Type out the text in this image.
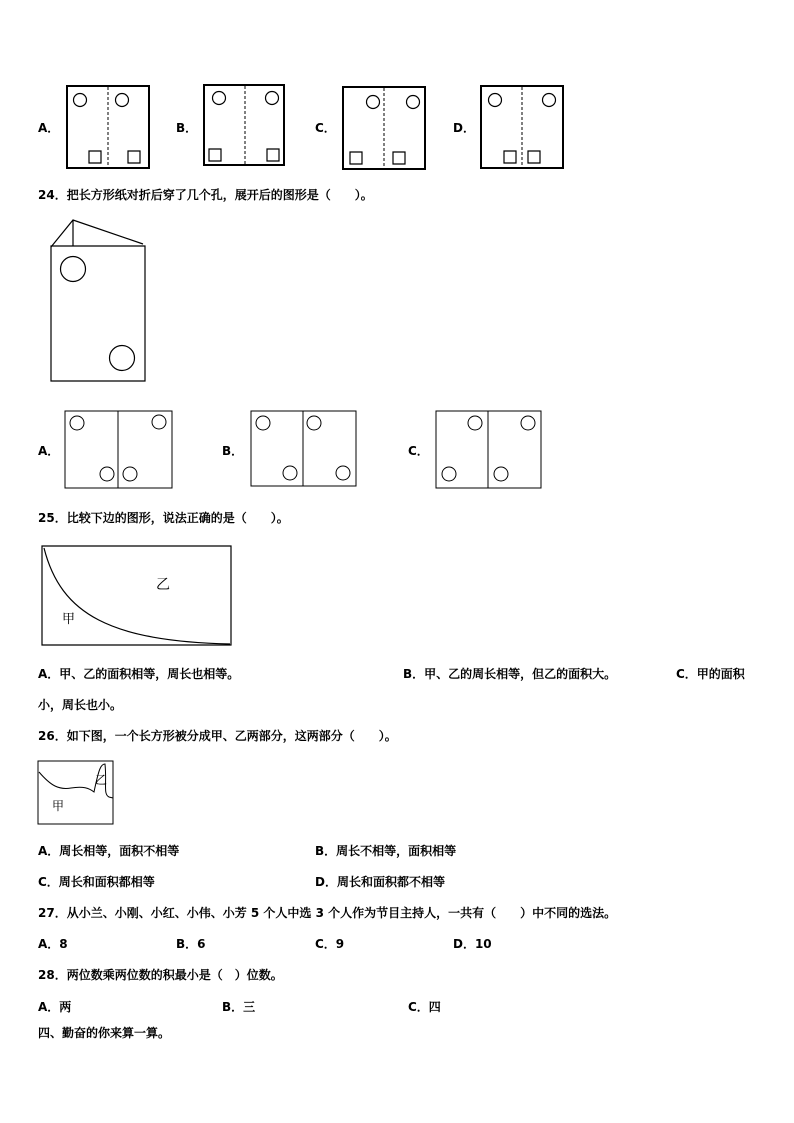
A．	B．	C．	D．
24．把长方形纸对折后穿了几个孔，展开后的图形是（　　）。
A．	B．	C．
25．比较下边的图形，说法正确的是（　　）。
乙
甲
A．甲、乙的面积相等，周长也相等。	B．甲、乙的周长相等，但乙的面积大。	C．甲的面积
小，周长也小。
26．如下图，一个长方形被分成甲、乙两部分，这两部分（　　）。
乙
甲
A．周长相等，面积不相等	B．周长不相等，面积相等
C．周长和面积都相等	D．周长和面积都不相等
27．从小兰、小刚、小红、小伟、小芳 5 个人中选 3 个人作为节目主持人，一共有（　　）中不同的选法。
A．8	B．6	C．9	D．10
28．两位数乘两位数的积最小是（　）位数。
A．两	B．三	C．四
四、勤奋的你来算一算。
